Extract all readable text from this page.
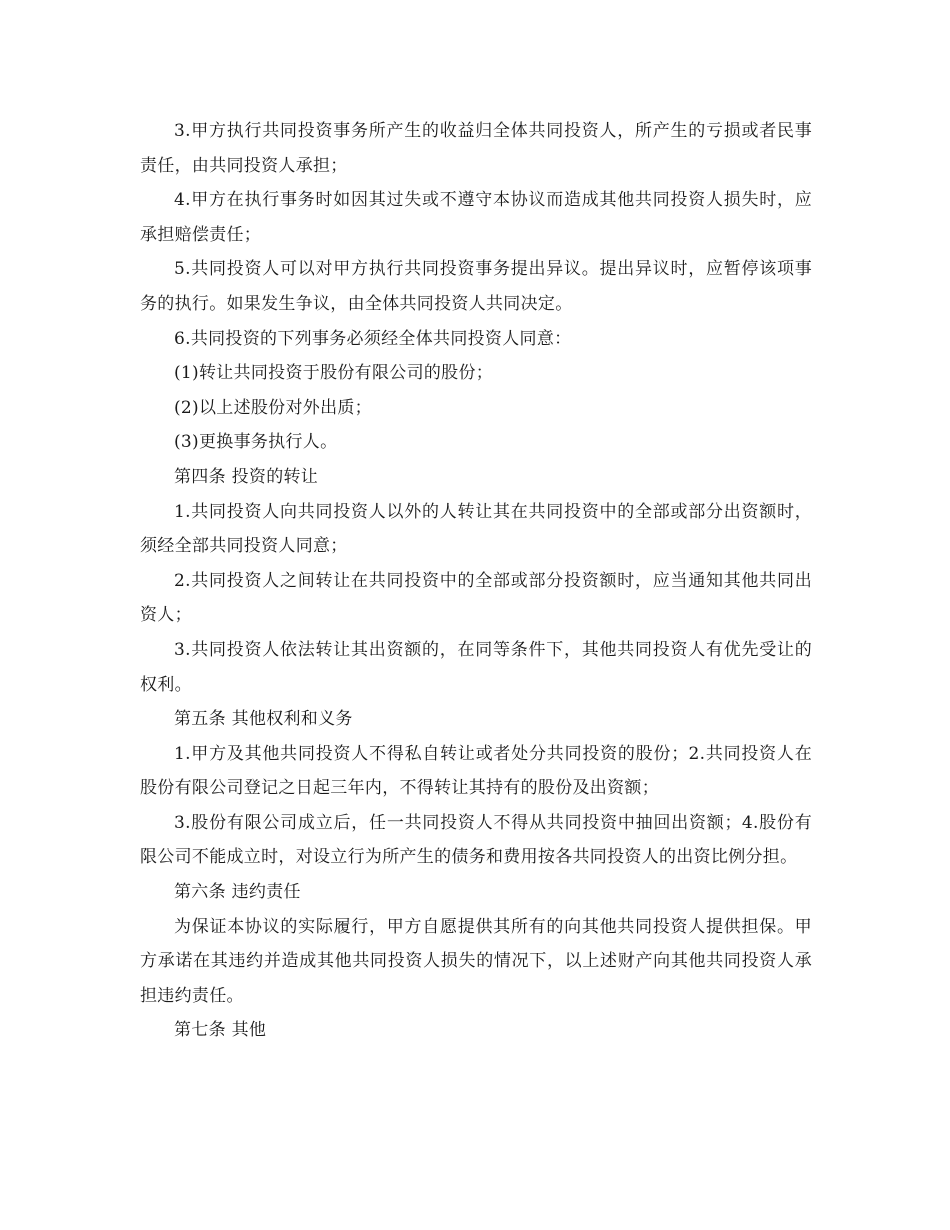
3.甲方执行共同投资事务所产生的收益归全体共同投资人，所产生的亏损或者民事责任，由共同投资人承担；

4.甲方在执行事务时如因其过失或不遵守本协议而造成其他共同投资人损失时，应承担赔偿责任；

5.共同投资人可以对甲方执行共同投资事务提出异议。提出异议时，应暂停该项事务的执行。如果发生争议，由全体共同投资人共同决定。

6.共同投资的下列事务必须经全体共同投资人同意：

(1)转让共同投资于股份有限公司的股份；

(2)以上述股份对外出质；

(3)更换事务执行人。

第四条 投资的转让

1.共同投资人向共同投资人以外的人转让其在共同投资中的全部或部分出资额时，须经全部共同投资人同意；

2.共同投资人之间转让在共同投资中的全部或部分投资额时，应当通知其他共同出资人；

3.共同投资人依法转让其出资额的，在同等条件下，其他共同投资人有优先受让的权利。

第五条 其他权利和义务

1.甲方及其他共同投资人不得私自转让或者处分共同投资的股份；2.共同投资人在股份有限公司登记之日起三年内，不得转让其持有的股份及出资额；

3.股份有限公司成立后，任一共同投资人不得从共同投资中抽回出资额；4.股份有限公司不能成立时，对设立行为所产生的债务和费用按各共同投资人的出资比例分担。

第六条 违约责任

为保证本协议的实际履行，甲方自愿提供其所有的向其他共同投资人提供担保。甲方承诺在其违约并造成其他共同投资人损失的情况下，以上述财产向其他共同投资人承担违约责任。

第七条 其他
